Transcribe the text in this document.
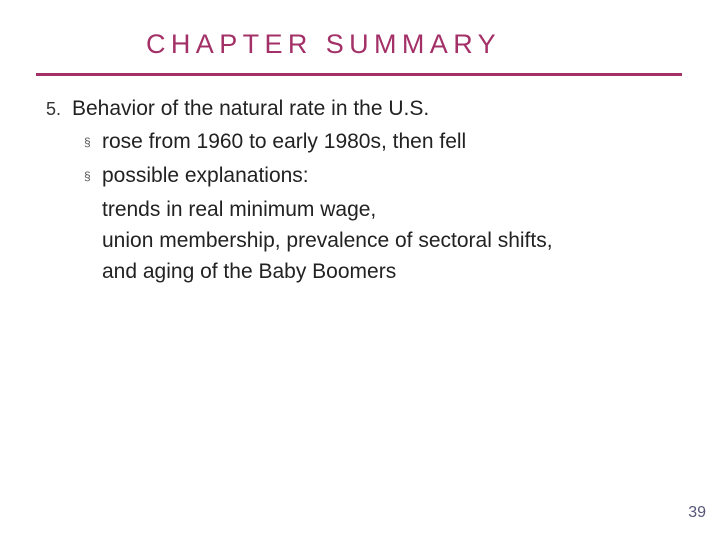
CHAPTER SUMMARY
5. Behavior of the natural rate in the U.S.
§ rose from 1960 to early 1980s, then fell
§ possible explanations:
trends in real minimum wage,
union membership, prevalence of sectoral shifts,
and aging of the Baby Boomers
39
